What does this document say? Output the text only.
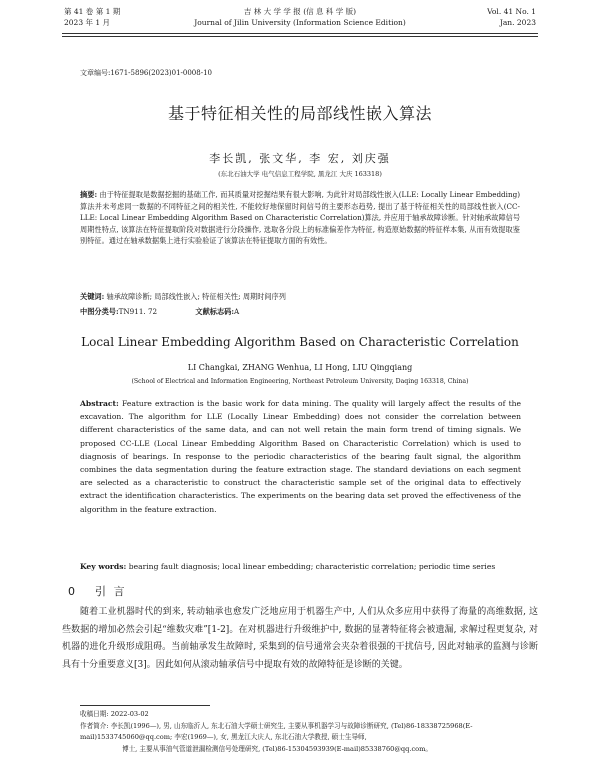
第 41 卷 第 1 期
2023 年 1 月
吉 林 大 学 学 报 (信 息 科 学 版)
Journal of Jilin University (Information Science Edition)
Vol. 41 No. 1
Jan. 2023
文章编号:1671-5896(2023)01-0008-10
基于特征相关性的局部线性嵌入算法
李长凯, 张文华, 李 宏, 刘庆强
(东北石油大学 电气信息工程学院, 黑龙江 大庆 163318)
摘要: 由于特征提取是数据挖掘的基础工作, 而其质量对挖掘结果有很大影响, 为此针对局部线性嵌入(LLE: Locally Linear Embedding)算法并未考虑同一数据的不同特征之间的相关性, 不能较好地保留时间信号的主要形态趋势, 提出了基于特征相关性的局部线性嵌入(CC-LLE: Local Linear Embedding Algorithm Based on Characteristic Correlation)算法, 并应用于轴承故障诊断。针对轴承故障信号周期性特点, 该算法在特征提取阶段对数据进行分段操作, 选取各分段上的标准偏差作为特征, 构造原始数据的特征样本集, 从而有效提取鉴别特征。通过在轴承数据集上进行实验验证了该算法在特征提取方面的有效性。
关键词: 轴承故障诊断; 局部线性嵌入; 特征相关性; 周期时间序列
中图分类号:TN911. 72	文献标志码:A
Local Linear Embedding Algorithm Based on Characteristic Correlation
LI Changkai, ZHANG Wenhua, LI Hong, LIU Qingqiang
(School of Electrical and Information Engineering, Northeast Petroleum University, Daqing 163318, China)
Abstract: Feature extraction is the basic work for data mining. The quality will largely affect the results of the excavation. The algorithm for LLE (Locally Linear Embedding) does not consider the correlation between different characteristics of the same data, and can not well retain the main form trend of timing signals. We proposed CC-LLE (Local Linear Embedding Algorithm Based on Characteristic Correlation) which is used to diagnosis of bearings. In response to the periodic characteristics of the bearing fault signal, the algorithm combines the data segmentation during the feature extraction stage. The standard deviations on each segment are selected as a characteristic to construct the characteristic sample set of the original data to effectively extract the identification characteristics. The experiments on the bearing data set proved the effectiveness of the algorithm in the feature extraction.
Key words: bearing fault diagnosis; local linear embedding; characteristic correlation; periodic time series
0 引 言
随着工业机器时代的到来, 转动轴承也愈发广泛地应用于机器生产中, 人们从众多应用中获得了海量的高维数据, 这些数据的增加必然会引起“维数灾难”[1-2]。在对机器进行升级维护中, 数据的显著特征将会被遗漏, 求解过程更复杂, 对机器的进化升级形成阻碍。当前轴承发生故障时, 采集到的信号通常会夹杂着很强的干扰信号, 因此对轴承的监测与诊断具有十分重要意义[3]。因此如何从滚动轴承信号中提取有效的故障特征是诊断的关键。
收稿日期: 2022-03-02
作者简介: 李长凯(1996—), 男, 山东临沂人, 东北石油大学硕士研究生, 主要从事机器学习与故障诊断研究, (Tel)86-18338725968(E-mail)1533745060@qq.com; 李宏(1969—), 女, 黑龙江大庆人, 东北石油大学教授, 硕士生导师,
博士, 主要从事油气管道泄漏检测信号处理研究, (Tel)86-15304593939(E-mail)85338760@qq.com。
